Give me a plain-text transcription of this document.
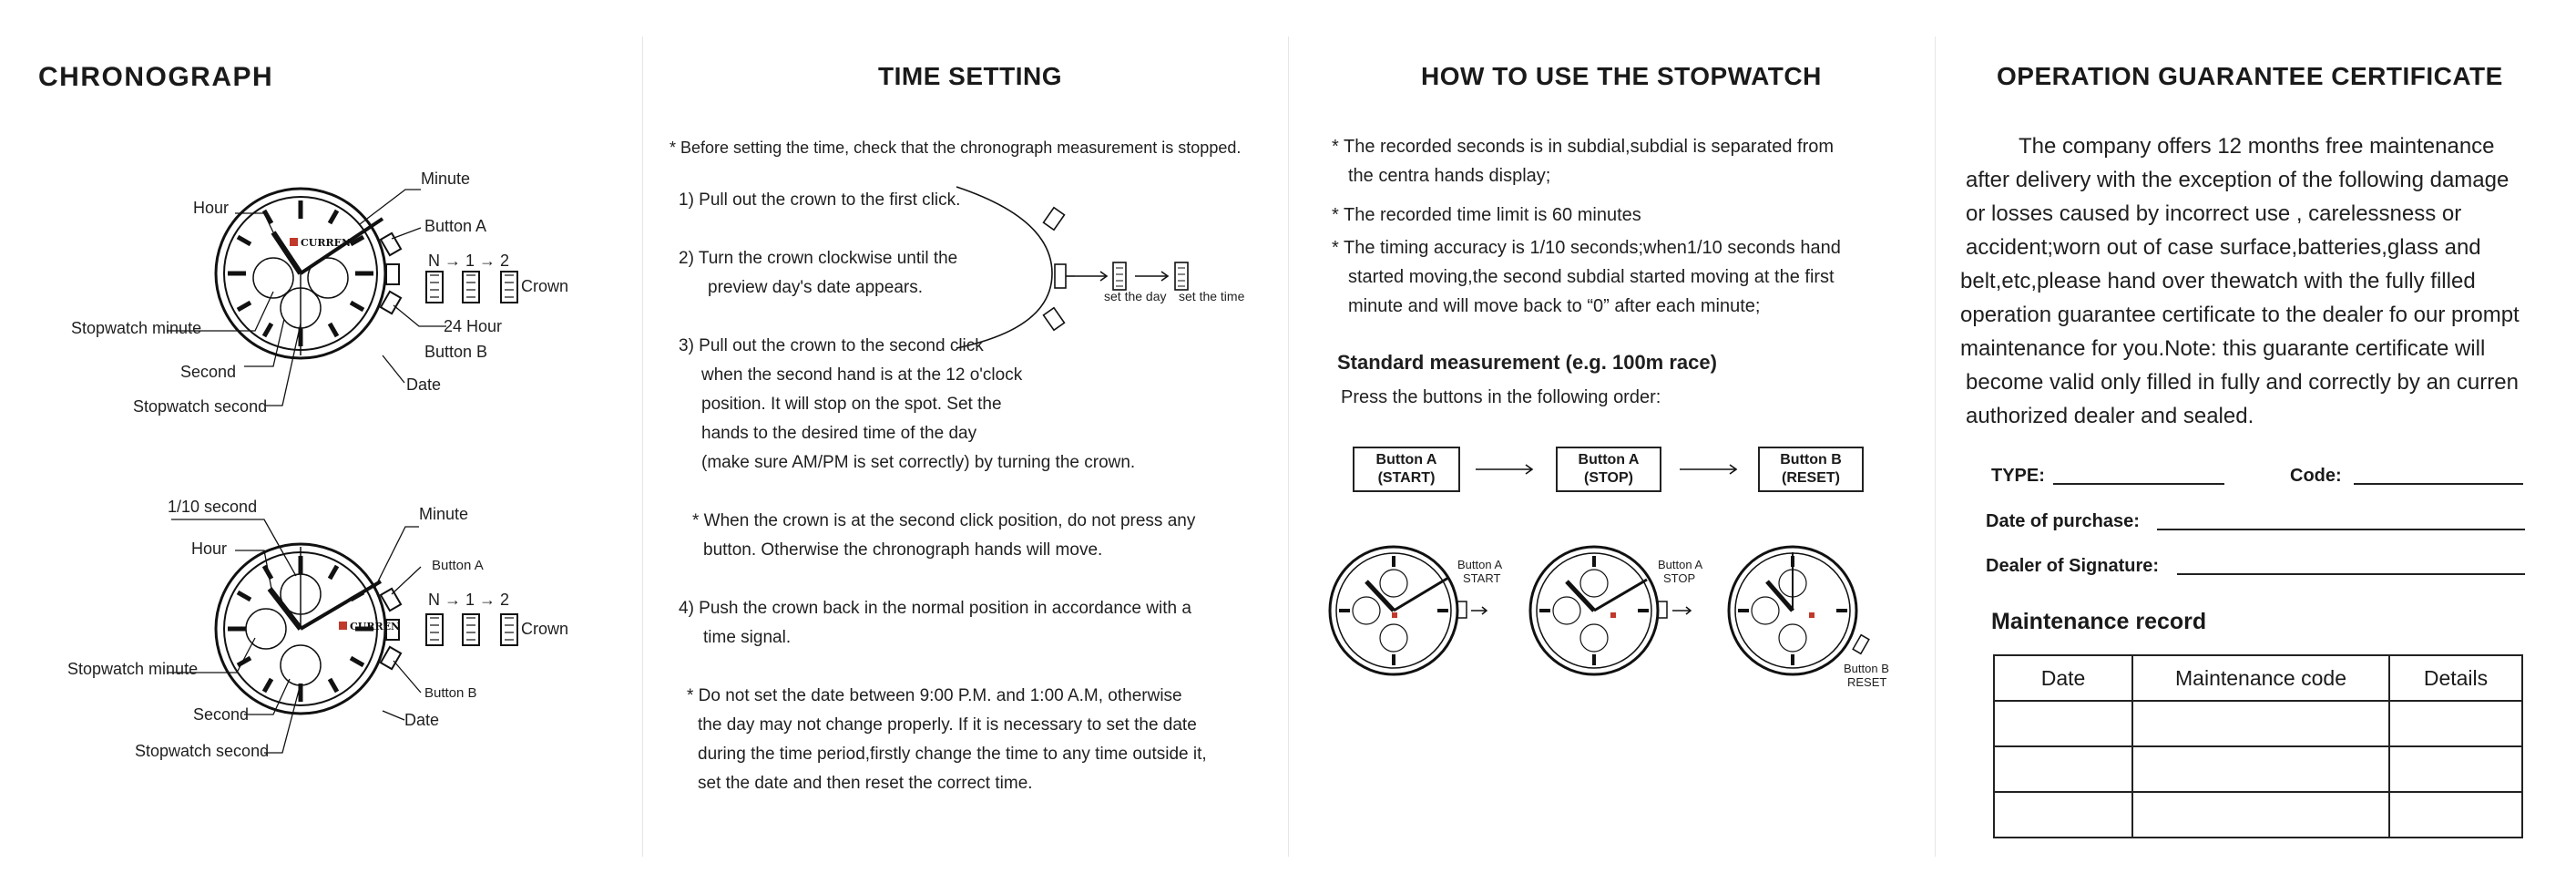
CHRONOGRAPH
CURREN
Minute
Hour
Button A
N → 1 → 2
Crown
24 Hour
Stopwatch minute
Button B
Second
Date
Stopwatch second
CURREN
1/10 second	Minute
Hour
Button A
N → 1 → 2
Crown
Stopwatch minute
Button B
Second	Date
Stopwatch second
TIME SETTING
* Before setting the time, check that the chronograph measurement is stopped.
1) Pull out the crown to the first click.
2) Turn the crown clockwise until the
preview day's date appears.	set the day set the time
3) Pull out the crown to the second click
when the second hand is at the 12 o'clock
position. It will stop on the spot. Set the
hands to the desired time of the day
(make sure AM/PM is set correctly) by turning the crown.
* When the crown is at the second click position, do not press any
button. Otherwise the chronograph hands will move.
4) Push the crown back in the normal position in accordance with a
time signal.
* Do not set the date between 9:00 P.M. and 1:00 A.M, otherwise
the day may not change properly. If it is necessary to set the date
during the time period,firstly change the time to any time outside it,
set the date and then reset the correct time.
HOW TO USE THE STOPWATCH
* The recorded seconds is in subdial,subdial is separated from
the centra hands display;
* The recorded time limit is 60 minutes
* The timing accuracy is 1/10 seconds;when1/10 seconds hand
started moving,the second subdial started moving at the first
minute and will move back to “0” after each minute;
Standard measurement (e.g. 100m race)
Press the buttons in the following order:
Button A
(START)
Button A
(STOP)
Button B
(RESET)
Button A
START
Button A
STOP
Button B
RESET
OPERATION GUARANTEE CERTIFICATE
The company offers 12 months free maintenance
after delivery with the exception of the following damage
or losses caused by incorrect use , carelessness or
accident;worn out of case surface,batteries,glass and
belt,etc,please hand over thewatch with the fully filled
operation guarantee certificate to the dealer fo our prompt
maintenance for you.Note: this guarante certificate will
become valid only filled in fully and correctly by an curren
authorized dealer and sealed.
TYPE:	Code:
Date of purchase:
Dealer of Signature:
Maintenance record
Date	Maintenance code	Details
